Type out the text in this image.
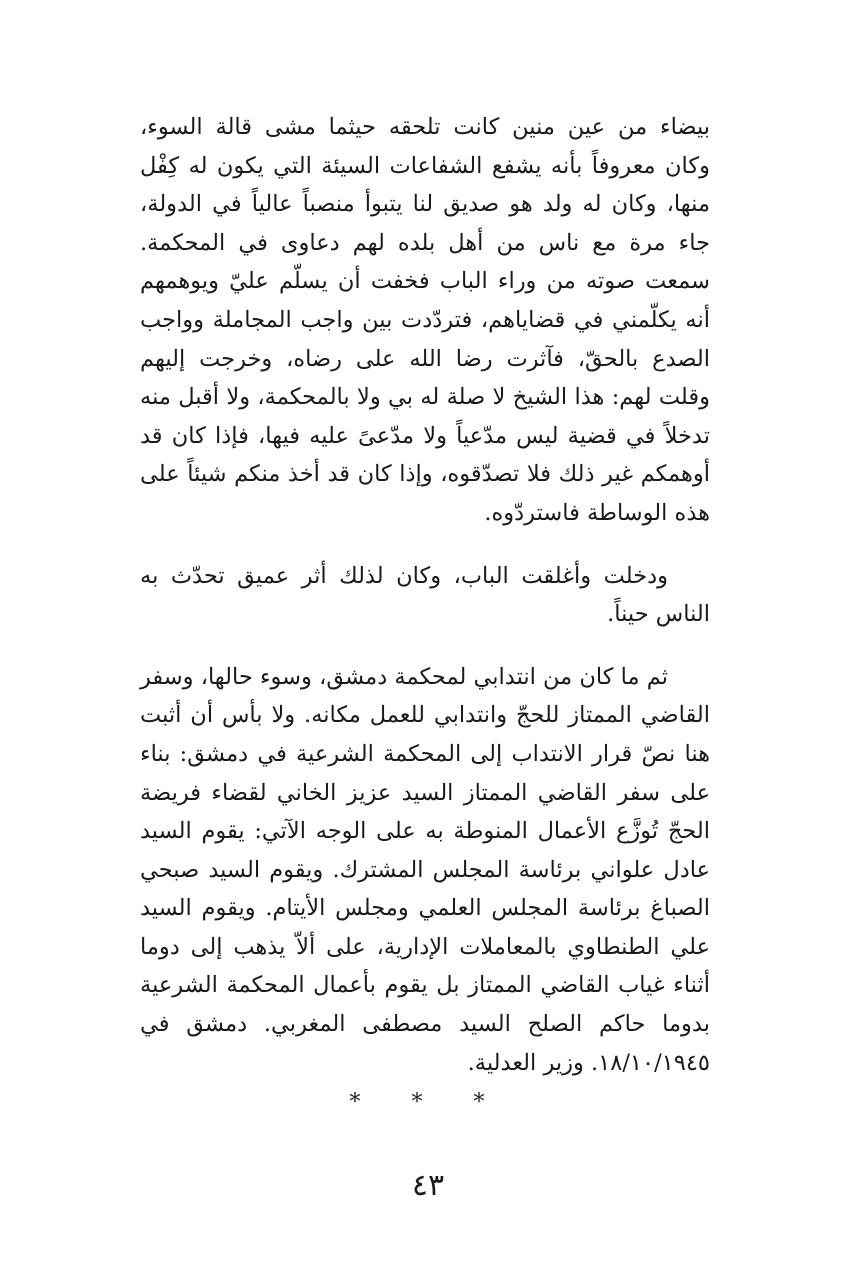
بيضاء من عين منين كانت تلحقه حيثما مشى قالة السوء، وكان معروفاً بأنه يشفع الشفاعات السيئة التي يكون له كِفْل منها، وكان له ولد هو صديق لنا يتبوأ منصباً عالياً في الدولة، جاء مرة مع ناس من أهل بلده لهم دعاوى في المحكمة. سمعت صوته من وراء الباب فخفت أن يسلّم عليّ ويوهمهم أنه يكلّمني في قضاياهم، فتردّدت بين واجب المجاملة وواجب الصدع بالحقّ، فآثرت رضا الله على رضاه، وخرجت إليهم وقلت لهم: هذا الشيخ لا صلة له بي ولا بالمحكمة، ولا أقبل منه تدخلاً في قضية ليس مدّعياً ولا مدّعىً عليه فيها، فإذا كان قد أوهمكم غير ذلك فلا تصدّقوه، وإذا كان قد أخذ منكم شيئاً على هذه الوساطة فاستردّوه.

ودخلت وأغلقت الباب، وكان لذلك أثر عميق تحدّث به الناس حيناً.

ثم ما كان من انتدابي لمحكمة دمشق، وسوء حالها، وسفر القاضي الممتاز للحجّ وانتدابي للعمل مكانه. ولا بأس أن أثبت هنا نصّ قرار الانتداب إلى المحكمة الشرعية في دمشق: بناء على سفر القاضي الممتاز السيد عزيز الخاني لقضاء فريضة الحجّ تُوزَّع الأعمال المنوطة به على الوجه الآتي: يقوم السيد عادل علواني برئاسة المجلس المشترك. ويقوم السيد صبحي الصباغ برئاسة المجلس العلمي ومجلس الأيتام. ويقوم السيد علي الطنطاوي بالمعاملات الإدارية، على ألاّ يذهب إلى دوما أثناء غياب القاضي الممتاز بل يقوم بأعمال المحكمة الشرعية بدوما حاكم الصلح السيد مصطفى المغربي. دمشق في ١٨/١٠/١٩٤٥. وزير العدلية.

* * *
٤٣
